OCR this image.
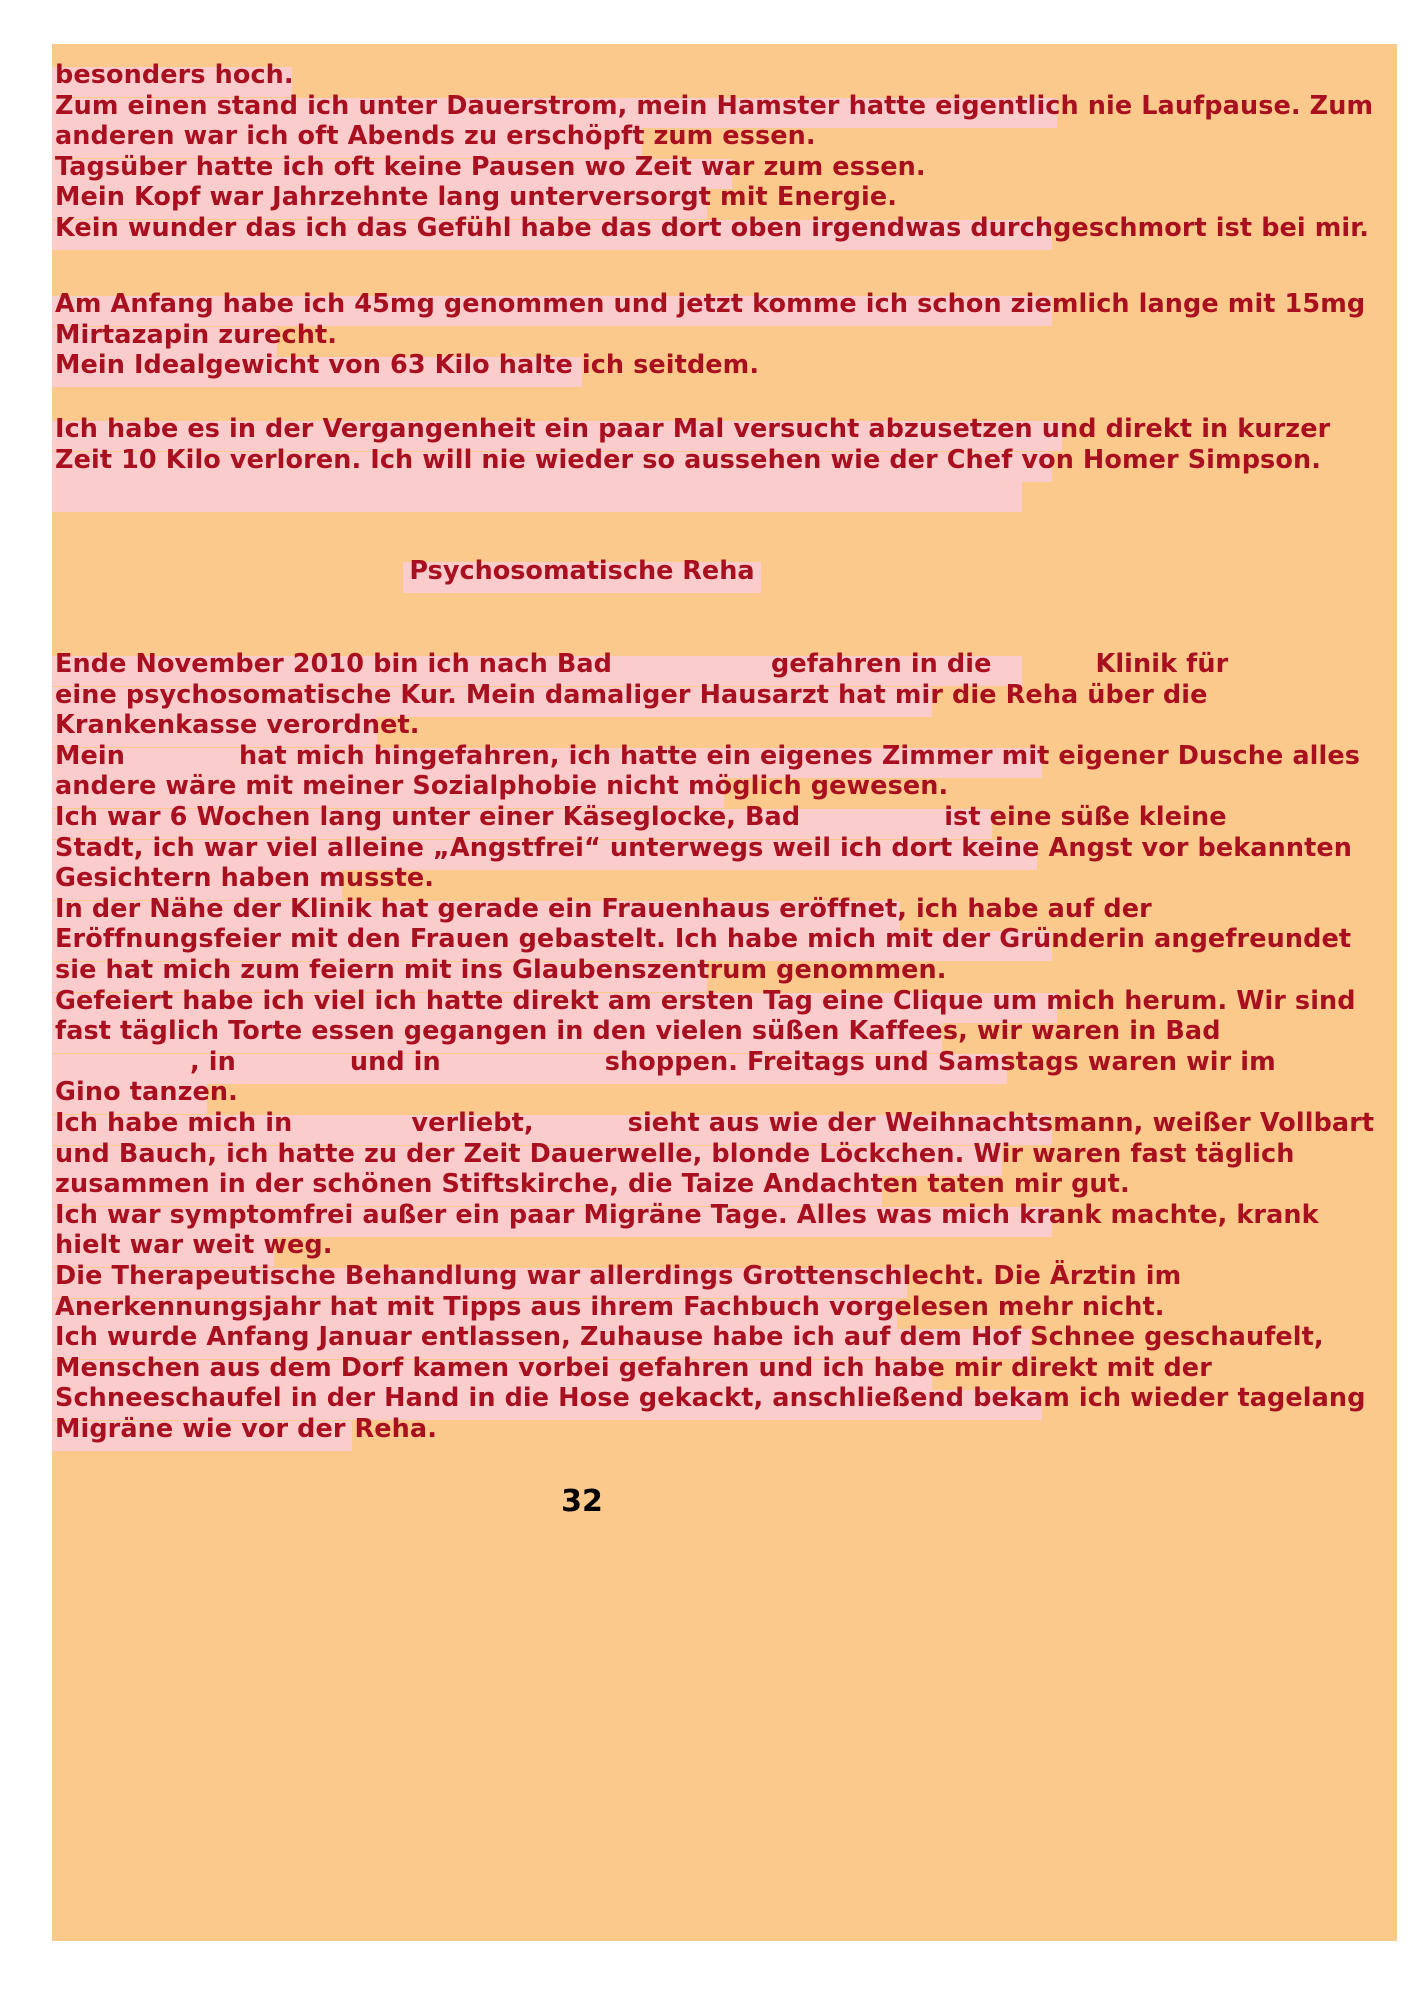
besonders hoch.
Zum einen stand ich unter Dauerstrom, mein Hamster hatte eigentlich nie Laufpause. Zum
anderen war ich oft Abends zu erschöpft zum essen.
Tagsüber hatte ich oft keine Pausen wo Zeit war zum essen.
Mein Kopf war Jahrzehnte lang unterversorgt mit Energie.
Kein wunder das ich das Gefühl habe das dort oben irgendwas durchgeschmort ist bei mir.
Am Anfang habe ich 45mg genommen und jetzt komme ich schon ziemlich lange mit 15mg
Mirtazapin zurecht.
Mein Idealgewicht von 63 Kilo halte ich seitdem.
Ich habe es in der Vergangenheit ein paar Mal versucht abzusetzen und direkt in kurzer
Zeit 10 Kilo verloren. Ich will nie wieder so aussehen wie der Chef von Homer Simpson.
Ende November 2010 bin ich nach Bad	gefahren in die	Klinik für
eine psychosomatische Kur. Mein damaliger Hausarzt hat mir die Reha über die
Krankenkasse verordnet.
Mein	hat mich hingefahren, ich hatte ein eigenes Zimmer mit eigener Dusche alles
andere wäre mit meiner Sozialphobie nicht möglich gewesen.
Ich war 6 Wochen lang unter einer Käseglocke, Bad	ist eine süße kleine
Stadt, ich war viel alleine „Angstfrei“ unterwegs weil ich dort keine Angst vor bekannten
Gesichtern haben musste.
In der Nähe der Klinik hat gerade ein Frauenhaus eröffnet, ich habe auf der
Eröffnungsfeier mit den Frauen gebastelt. Ich habe mich mit der Gründerin angefreundet
sie hat mich zum feiern mit ins Glaubenszentrum genommen.
Gefeiert habe ich viel ich hatte direkt am ersten Tag eine Clique um mich herum. Wir sind
fast täglich Torte essen gegangen in den vielen süßen Kaffees, wir waren in Bad
, in	und in	shoppen. Freitags und Samstags waren wir im
Gino tanzen.
Ich habe mich in	verliebt,	sieht aus wie der Weihnachtsmann, weißer Vollbart
und Bauch, ich hatte zu der Zeit Dauerwelle, blonde Löckchen. Wir waren fast täglich
zusammen in der schönen Stiftskirche, die Taize Andachten taten mir gut.
Ich war symptomfrei außer ein paar Migräne Tage. Alles was mich krank machte, krank
hielt war weit weg.
Die Therapeutische Behandlung war allerdings Grottenschlecht. Die Ärztin im
Anerkennungsjahr hat mit Tipps aus ihrem Fachbuch vorgelesen mehr nicht.
Ich wurde Anfang Januar entlassen, Zuhause habe ich auf dem Hof Schnee geschaufelt,
Menschen aus dem Dorf kamen vorbei gefahren und ich habe mir direkt mit der
Schneeschaufel in der Hand in die Hose gekackt, anschließend bekam ich wieder tagelang
Migräne wie vor der Reha.
Psychosomatische Reha
32
